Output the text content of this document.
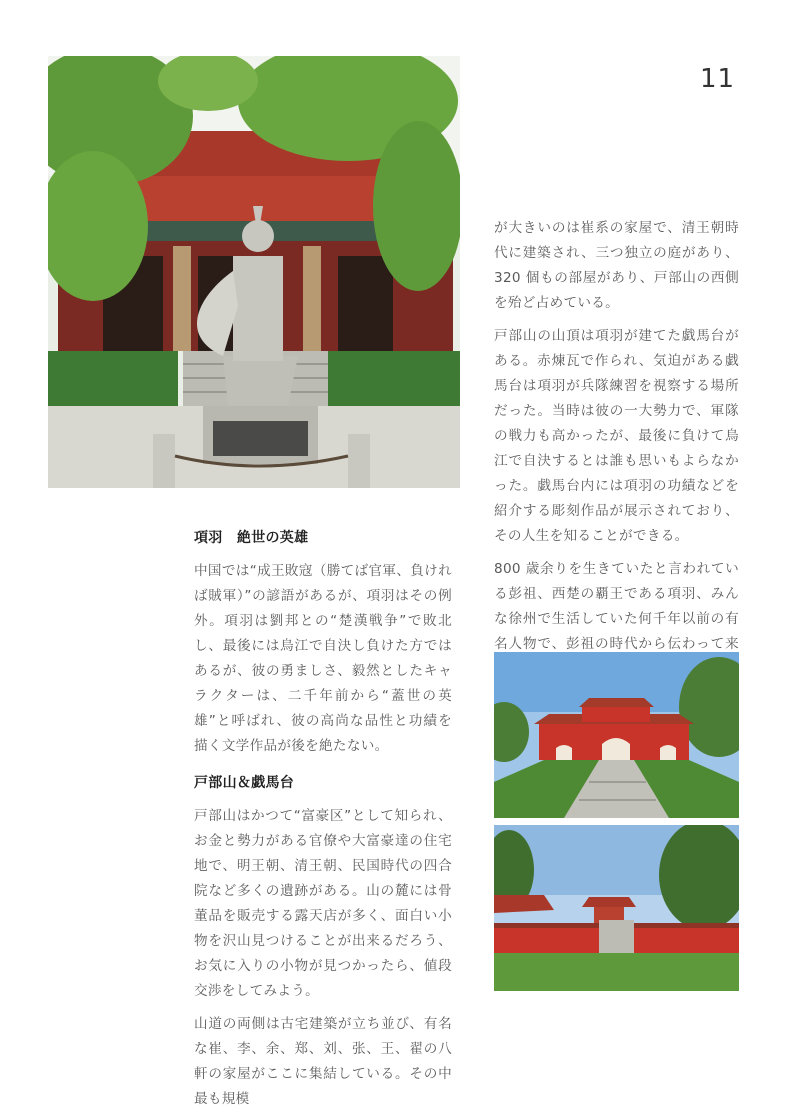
11
項羽　絶世の英雄

中国では“成王敗寇（勝てば官軍、負ければ賊軍）”の諺語があるが、項羽はその例外。項羽は劉邦との“楚漢戦争”で敗北し、最後には烏江で自決し負けた方ではあるが、彼の勇ましさ、毅然としたキャラクターは、二千年前から“蓋世の英雄”と呼ばれ、彼の高尚な品性と功績を描く文学作品が後を絶たない。

戸部山＆戯馬台

戸部山はかつて“富豪区”として知られ、お金と勢力がある官僚や大富豪達の住宅地で、明王朝、清王朝、民国時代の四合院など多くの遺跡がある。山の麓には骨董品を販売する露天店が多く、面白い小物を沢山見つけることが出来るだろう、お気に入りの小物が見つかったら、値段交渉をしてみよう。

山道の両側は古宅建築が立ち並び、有名な崔、李、余、郑、刘、张、王、翟の八軒の家屋がここに集結している。その中最も規模

が大きいのは崔系の家屋で、清王朝時代に建築され、三つ独立の庭があり、320 個もの部屋があり、戸部山の西側を殆ど占めている。

戸部山の山頂は項羽が建てた戯馬台がある。赤煉瓦で作られ、気迫がある戯馬台は項羽が兵隊練習を視察する場所だった。当時は彼の一大勢力で、軍隊の戦力も高かったが、最後に負けて烏江で自決するとは誰も思いもよらなかった。戯馬台内には項羽の功績などを紹介する彫刻作品が展示されており、その人生を知ることができる。

800 歳余りを生きていたと言われている彭祖、西楚の覇王である項羽、みんな徐州で生活していた何千年以前の有名人物で、彭祖の時代から伝わって来
